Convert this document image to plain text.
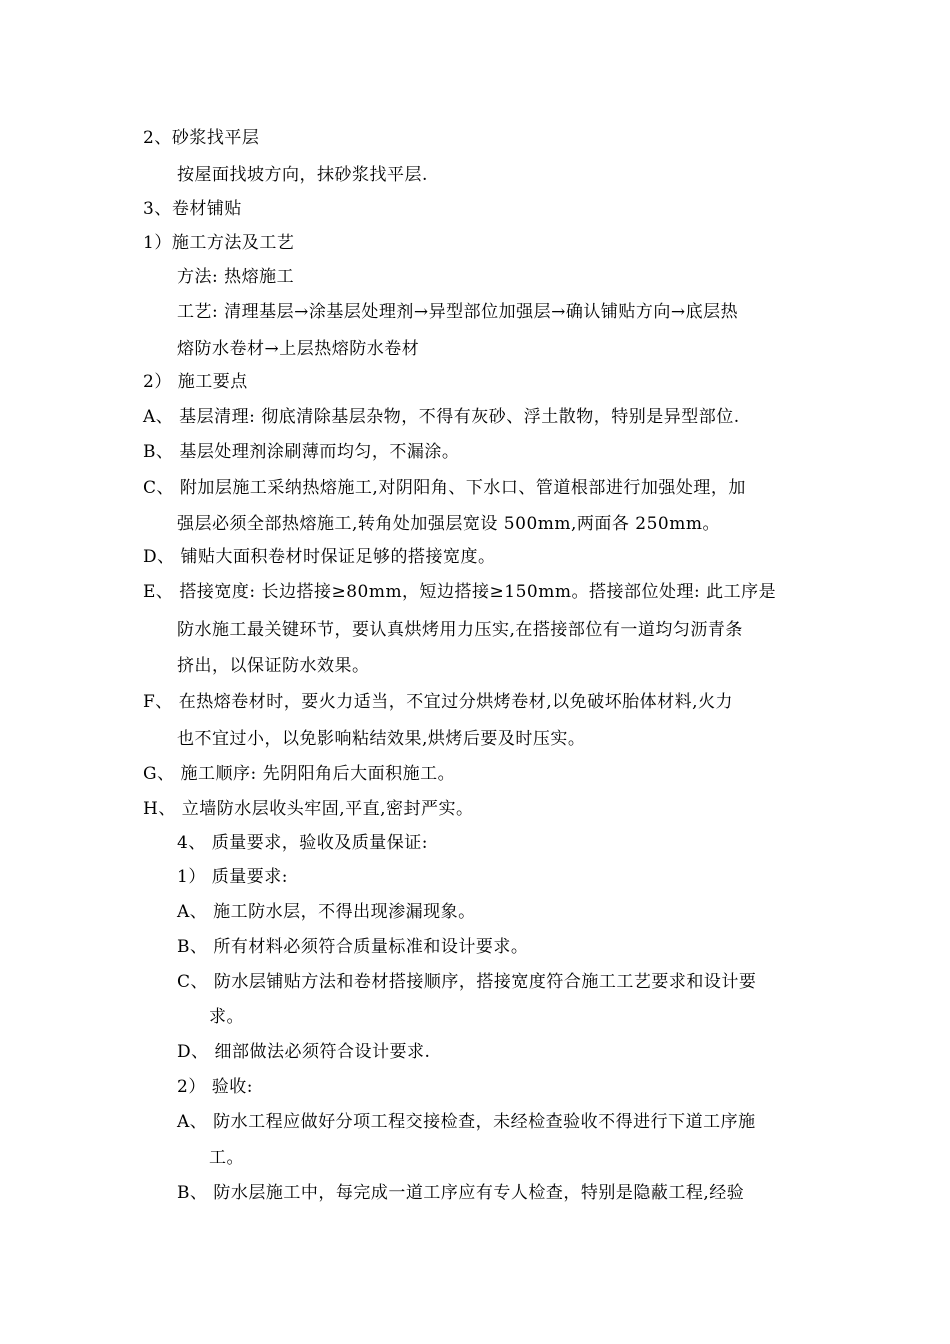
2、砂浆找平层
按屋面找坡方向，抹砂浆找平层.
3、卷材铺贴
1）施工方法及工艺
方法: 热熔施工
工艺: 清理基层→涂基层处理剂→异型部位加强层→确认铺贴方向→底层热
熔防水卷材→上层热熔防水卷材
2） 施工要点
A、 基层清理: 彻底清除基层杂物，不得有灰砂、浮土散物，特别是异型部位.
B、 基层处理剂涂刷薄而均匀，不漏涂。
C、 附加层施工采纳热熔施工,对阴阳角、下水口、管道根部进行加强处理，加
强层必须全部热熔施工,转角处加强层宽设 500mm,两面各 250mm。
D、 铺贴大面积卷材时保证足够的搭接宽度。
E、 搭接宽度: 长边搭接≥80mm，短边搭接≥150mm。搭接部位处理: 此工序是
防水施工最关键环节，要认真烘烤用力压实,在搭接部位有一道均匀沥青条
挤出，以保证防水效果。
F、 在热熔卷材时，要火力适当，不宜过分烘烤卷材,以免破坏胎体材料,火力
也不宜过小，以免影响粘结效果,烘烤后要及时压实。
G、 施工顺序: 先阴阳角后大面积施工。
H、 立墙防水层收头牢固,平直,密封严实。
4、 质量要求，验收及质量保证:
1） 质量要求:
A、 施工防水层，不得出现渗漏现象。
B、 所有材料必须符合质量标准和设计要求。
C、 防水层铺贴方法和卷材搭接顺序，搭接宽度符合施工工艺要求和设计要
求。
D、 细部做法必须符合设计要求.
2） 验收:
A、 防水工程应做好分项工程交接检查，未经检查验收不得进行下道工序施
工。
B、 防水层施工中，每完成一道工序应有专人检查，特别是隐蔽工程,经验
